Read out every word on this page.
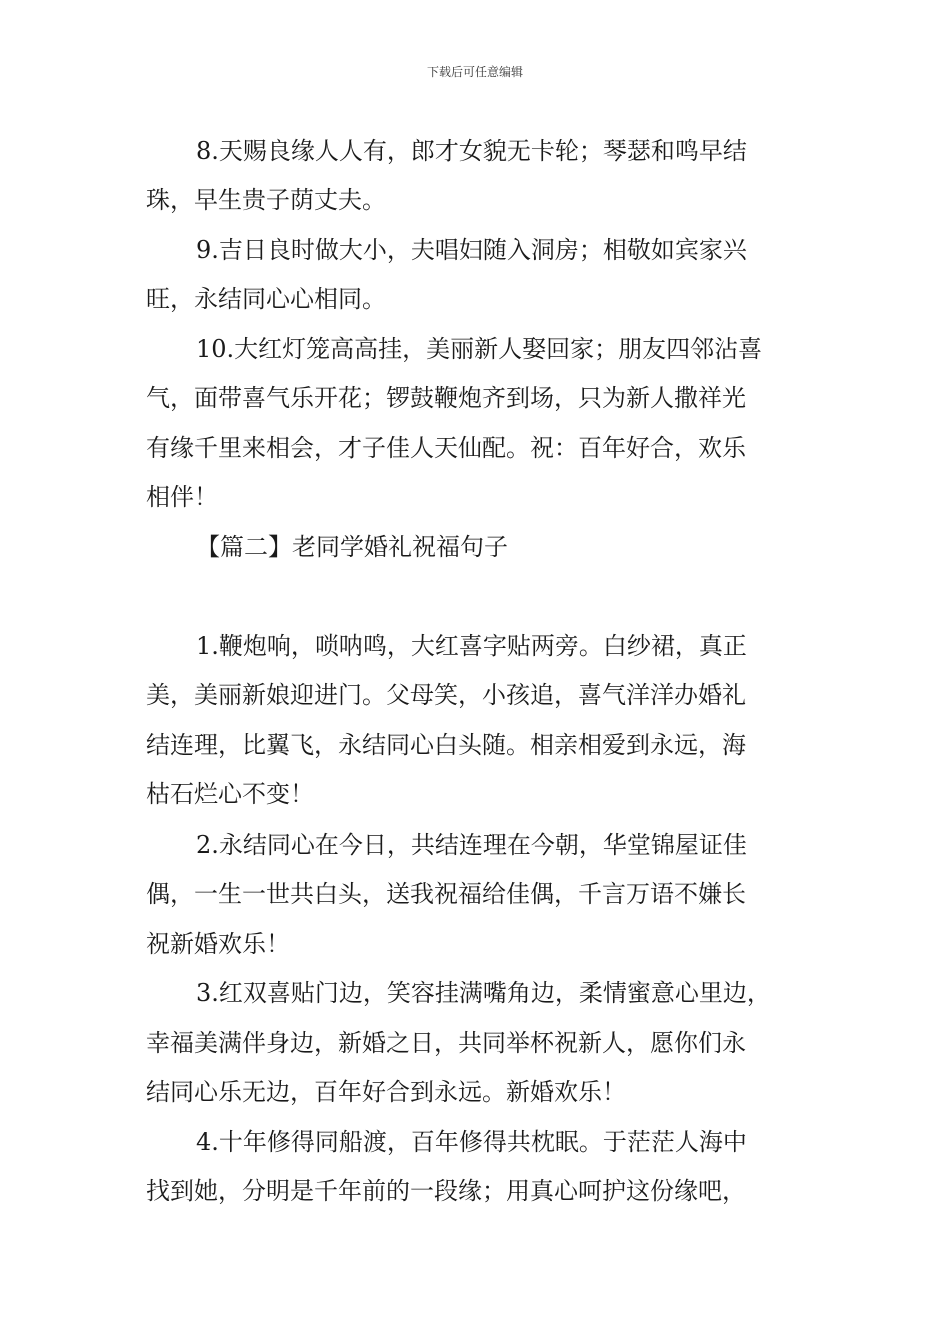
下载后可任意编辑
8.天赐良缘人人有，郎才女貌无卡轮；琴瑟和鸣早结
珠，早生贵子荫丈夫。
9.吉日良时做大小，夫唱妇随入洞房；相敬如宾家兴
旺，永结同心心相同。
10.大红灯笼高高挂，美丽新人娶回家；朋友四邻沾喜
气，面带喜气乐开花；锣鼓鞭炮齐到场，只为新人撒祥光
有缘千里来相会，才子佳人天仙配。祝：百年好合，欢乐
相伴！
【篇二】老同学婚礼祝福句子
1.鞭炮响，唢呐鸣，大红喜字贴两旁。白纱裙，真正
美，美丽新娘迎进门。父母笑，小孩追，喜气洋洋办婚礼
结连理，比翼飞，永结同心白头随。相亲相爱到永远，海
枯石烂心不变！
2.永结同心在今日，共结连理在今朝，华堂锦屋证佳
偶，一生一世共白头，送我祝福给佳偶，千言万语不嫌长
祝新婚欢乐！
3.红双喜贴门边，笑容挂满嘴角边，柔情蜜意心里边，
幸福美满伴身边，新婚之日，共同举杯祝新人，愿你们永
结同心乐无边，百年好合到永远。新婚欢乐！
4.十年修得同船渡，百年修得共枕眠。于茫茫人海中
找到她，分明是千年前的一段缘；用真心呵护这份缘吧，
